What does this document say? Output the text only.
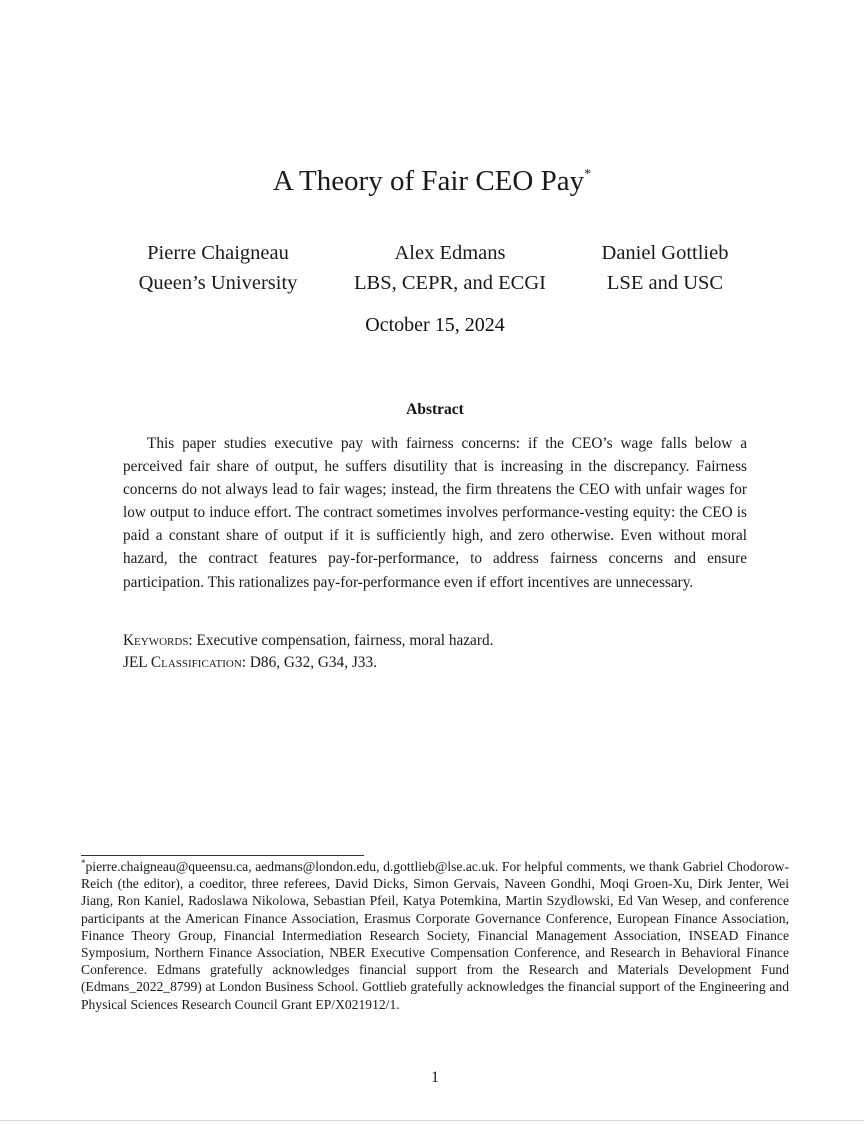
A Theory of Fair CEO Pay*
Pierre Chaigneau
Queen’s University
Alex Edmans
LBS, CEPR, and ECGI
Daniel Gottlieb
LSE and USC
October 15, 2024
Abstract
This paper studies executive pay with fairness concerns: if the CEO’s wage falls below a perceived fair share of output, he suffers disutility that is increasing in the discrepancy. Fairness concerns do not always lead to fair wages; instead, the firm threatens the CEO with unfair wages for low output to induce effort. The contract sometimes involves performance-vesting equity: the CEO is paid a constant share of output if it is sufficiently high, and zero otherwise. Even without moral hazard, the contract features pay-for-performance, to address fairness concerns and ensure participation. This rationalizes pay-for-performance even if effort incentives are unnecessary.
Keywords: Executive compensation, fairness, moral hazard.
JEL Classification: D86, G32, G34, J33.
*pierre.chaigneau@queensu.ca, aedmans@london.edu, d.gottlieb@lse.ac.uk. For helpful comments, we thank Gabriel Chodorow-Reich (the editor), a coeditor, three referees, David Dicks, Simon Gervais, Naveen Gondhi, Moqi Groen-Xu, Dirk Jenter, Wei Jiang, Ron Kaniel, Radoslawa Nikolowa, Sebastian Pfeil, Katya Potemkina, Martin Szydlowski, Ed Van Wesep, and conference participants at the American Finance Association, Erasmus Corporate Governance Conference, European Finance Association, Finance Theory Group, Financial Intermediation Research Society, Financial Management Association, INSEAD Finance Symposium, Northern Finance Association, NBER Executive Compensation Conference, and Research in Behavioral Finance Conference. Edmans gratefully acknowledges financial support from the Research and Materials Development Fund (Edmans_2022_8799) at London Business School. Gottlieb gratefully acknowledges the financial support of the Engineering and Physical Sciences Research Council Grant EP/X021912/1.
1
